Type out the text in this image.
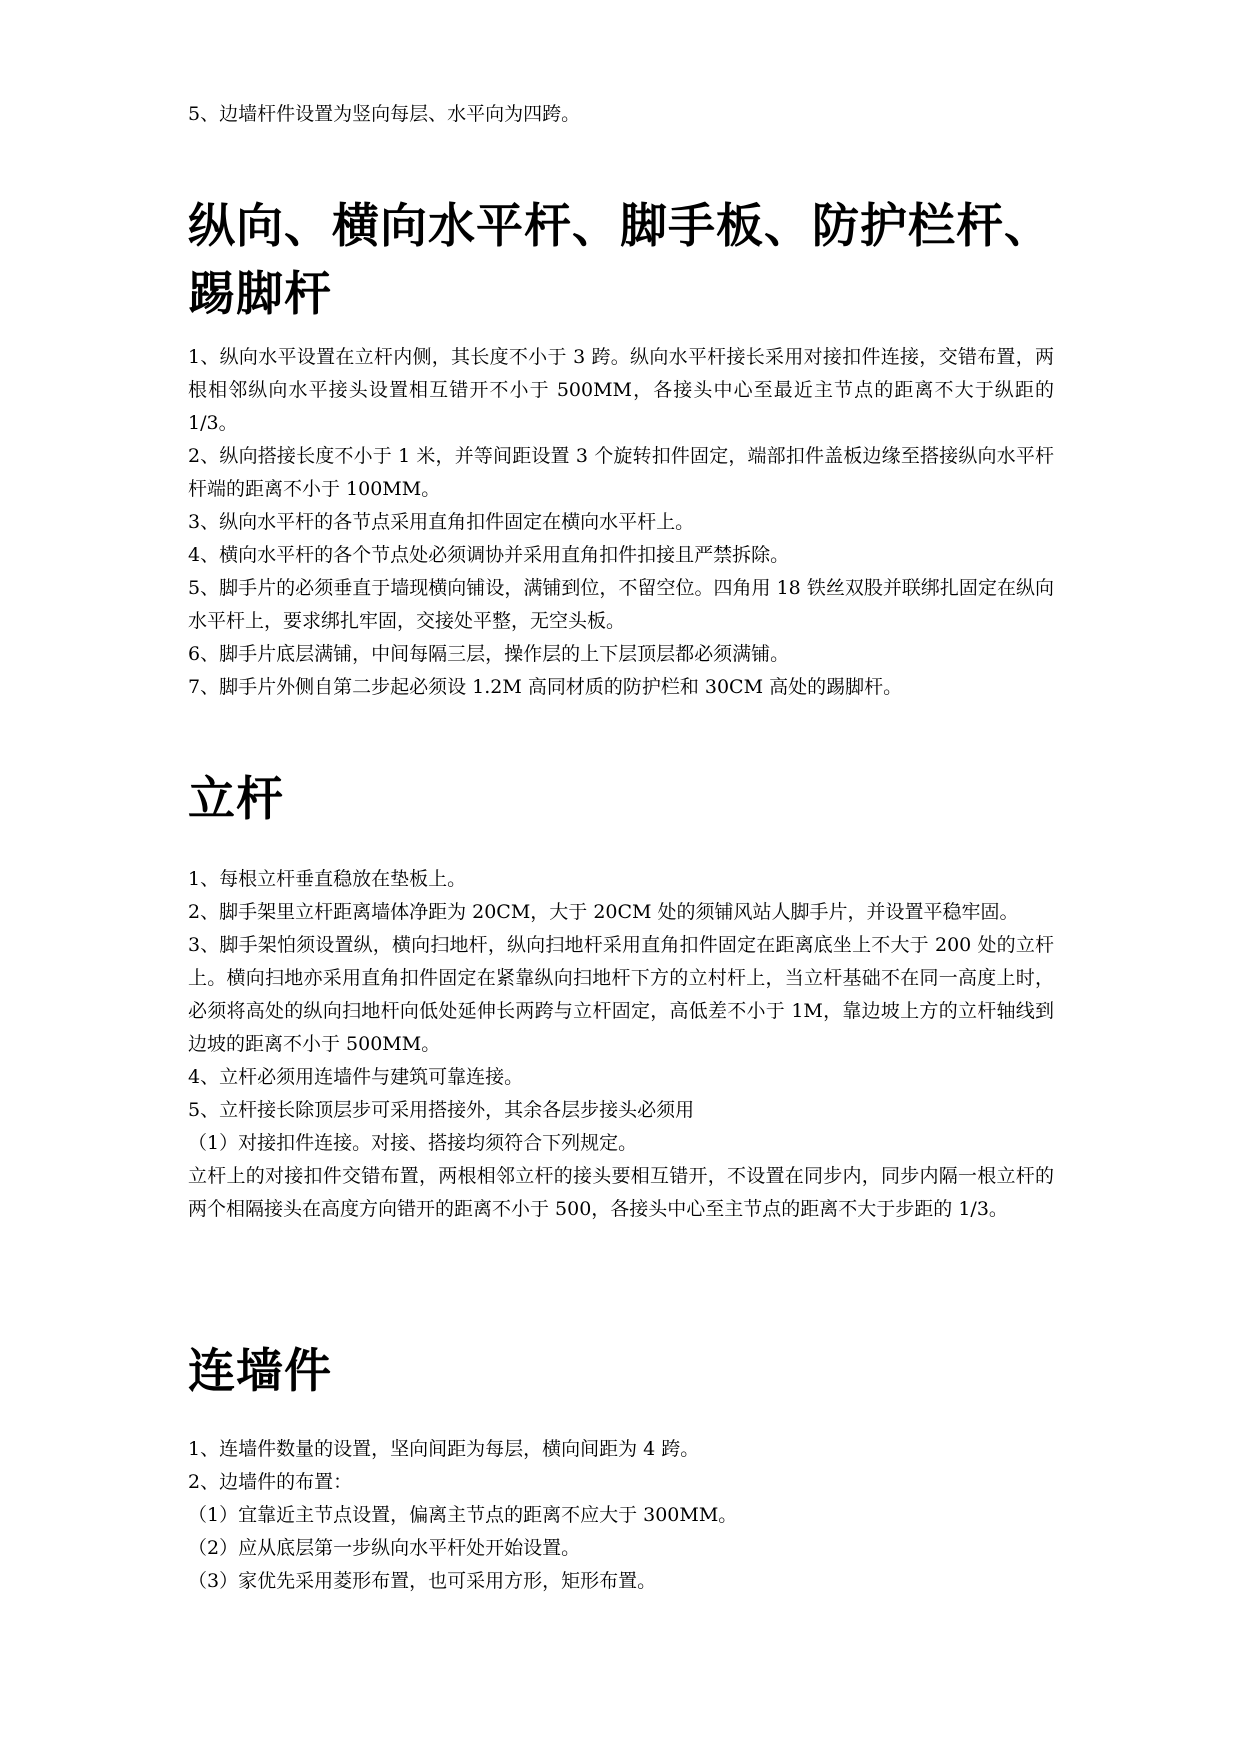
5、边墙杆件设置为竖向每层、水平向为四跨。

纵向、横向水平杆、脚手板、防护栏杆、踢脚杆

1、纵向水平设置在立杆内侧，其长度不小于 3 跨。纵向水平杆接长采用对接扣件连接，交错布置，两根相邻纵向水平接头设置相互错开不小于 500MM，各接头中心至最近主节点的距离不大于纵距的 1/3。

2、纵向搭接长度不小于 1 米，并等间距设置 3 个旋转扣件固定，端部扣件盖板边缘至搭接纵向水平杆杆端的距离不小于 100MM。

3、纵向水平杆的各节点采用直角扣件固定在横向水平杆上。

4、横向水平杆的各个节点处必须调协并采用直角扣件扣接且严禁拆除。

5、脚手片的必须垂直于墙现横向铺设，满铺到位，不留空位。四角用 18 铁丝双股并联绑扎固定在纵向水平杆上，要求绑扎牢固，交接处平整，无空头板。

6、脚手片底层满铺，中间每隔三层，操作层的上下层顶层都必须满铺。

7、脚手片外侧自第二步起必须设 1.2M 高同材质的防护栏和 30CM 高处的踢脚杆。

立杆

1、每根立杆垂直稳放在垫板上。

2、脚手架里立杆距离墙体净距为 20CM，大于 20CM 处的须铺风站人脚手片，并设置平稳牢固。

3、脚手架怕须设置纵，横向扫地杆，纵向扫地杆采用直角扣件固定在距离底坐上不大于 200 处的立杆上。横向扫地亦采用直角扣件固定在紧靠纵向扫地杆下方的立村杆上，当立杆基础不在同一高度上时，必须将高处的纵向扫地杆向低处延伸长两跨与立杆固定，高低差不小于 1M，靠边坡上方的立杆轴线到边坡的距离不小于 500MM。

4、立杆必须用连墙件与建筑可靠连接。

5、立杆接长除顶层步可采用搭接外，其余各层步接头必须用

（1）对接扣件连接。对接、搭接均须符合下列规定。

立杆上的对接扣件交错布置，两根相邻立杆的接头要相互错开，不设置在同步内，同步内隔一根立杆的两个相隔接头在高度方向错开的距离不小于 500，各接头中心至主节点的距离不大于步距的 1/3。

连墙件

1、连墙件数量的设置，坚向间距为每层，横向间距为 4 跨。

2、边墙件的布置：

（1）宜靠近主节点设置，偏离主节点的距离不应大于 300MM。

（2）应从底层第一步纵向水平杆处开始设置。

（3）家优先采用菱形布置，也可采用方形，矩形布置。
